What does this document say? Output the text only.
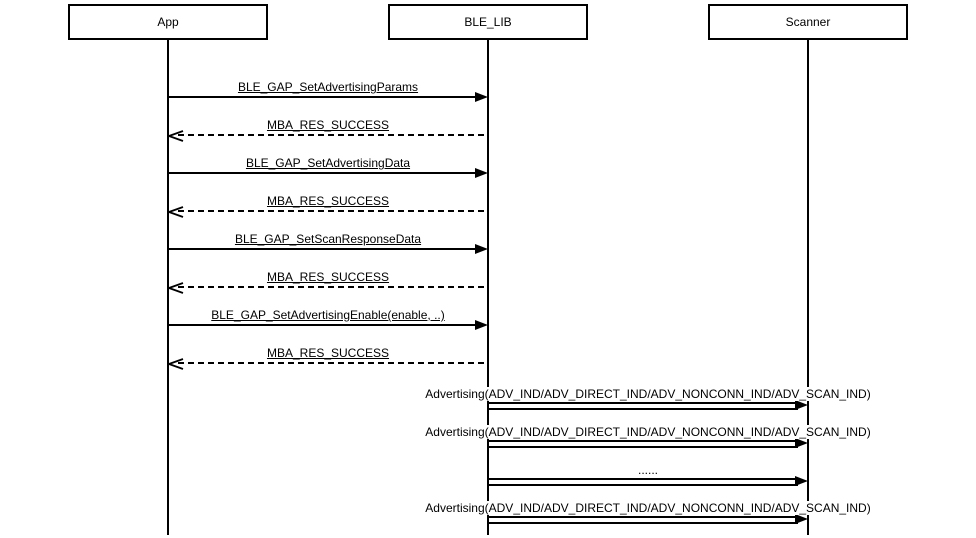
App	BLE_LIB	Scanner
BLE_GAP_SetAdvertisingParams
MBA_RES_SUCCESS
BLE_GAP_SetAdvertisingData
MBA_RES_SUCCESS
BLE_GAP_SetScanResponseData
MBA_RES_SUCCESS
BLE_GAP_SetAdvertisingEnable(enable, ..)
MBA_RES_SUCCESS
Advertising(ADV_IND/ADV_DIRECT_IND/ADV_NONCONN_IND/ADV_SCAN_IND)
Advertising(ADV_IND/ADV_DIRECT_IND/ADV_NONCONN_IND/ADV_SCAN_IND)
......
Advertising(ADV_IND/ADV_DIRECT_IND/ADV_NONCONN_IND/ADV_SCAN_IND)
